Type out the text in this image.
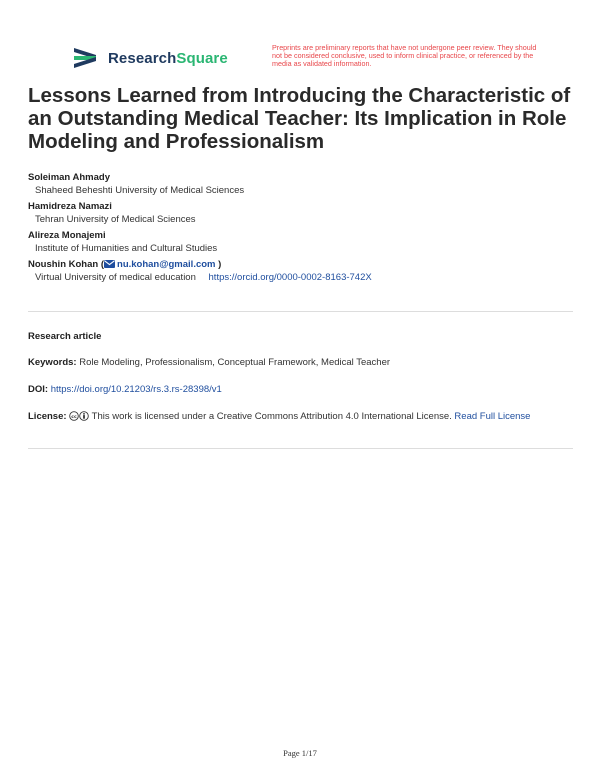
ResearchSquare
Preprints are preliminary reports that have not undergone peer review. They should not be considered conclusive, used to inform clinical practice, or referenced by the media as validated information.
Lessons Learned from Introducing the Characteristic of an Outstanding Medical Teacher: Its Implication in Role Modeling and Professionalism
Soleiman Ahmady
Shaheed Beheshti University of Medical Sciences
Hamidreza Namazi
Tehran University of Medical Sciences
Alireza Monajemi
Institute of Humanities and Cultural Studies
Noushin Kohan ( nu.kohan@gmail.com )
Virtual University of medical education https://orcid.org/0000-0002-8163-742X
Research article
Keywords: Role Modeling, Professionalism, Conceptual Framework, Medical Teacher
DOI: https://doi.org/10.21203/rs.3.rs-28398/v1
License: cc This work is licensed under a Creative Commons Attribution 4.0 International License. Read Full License
Page 1/17
